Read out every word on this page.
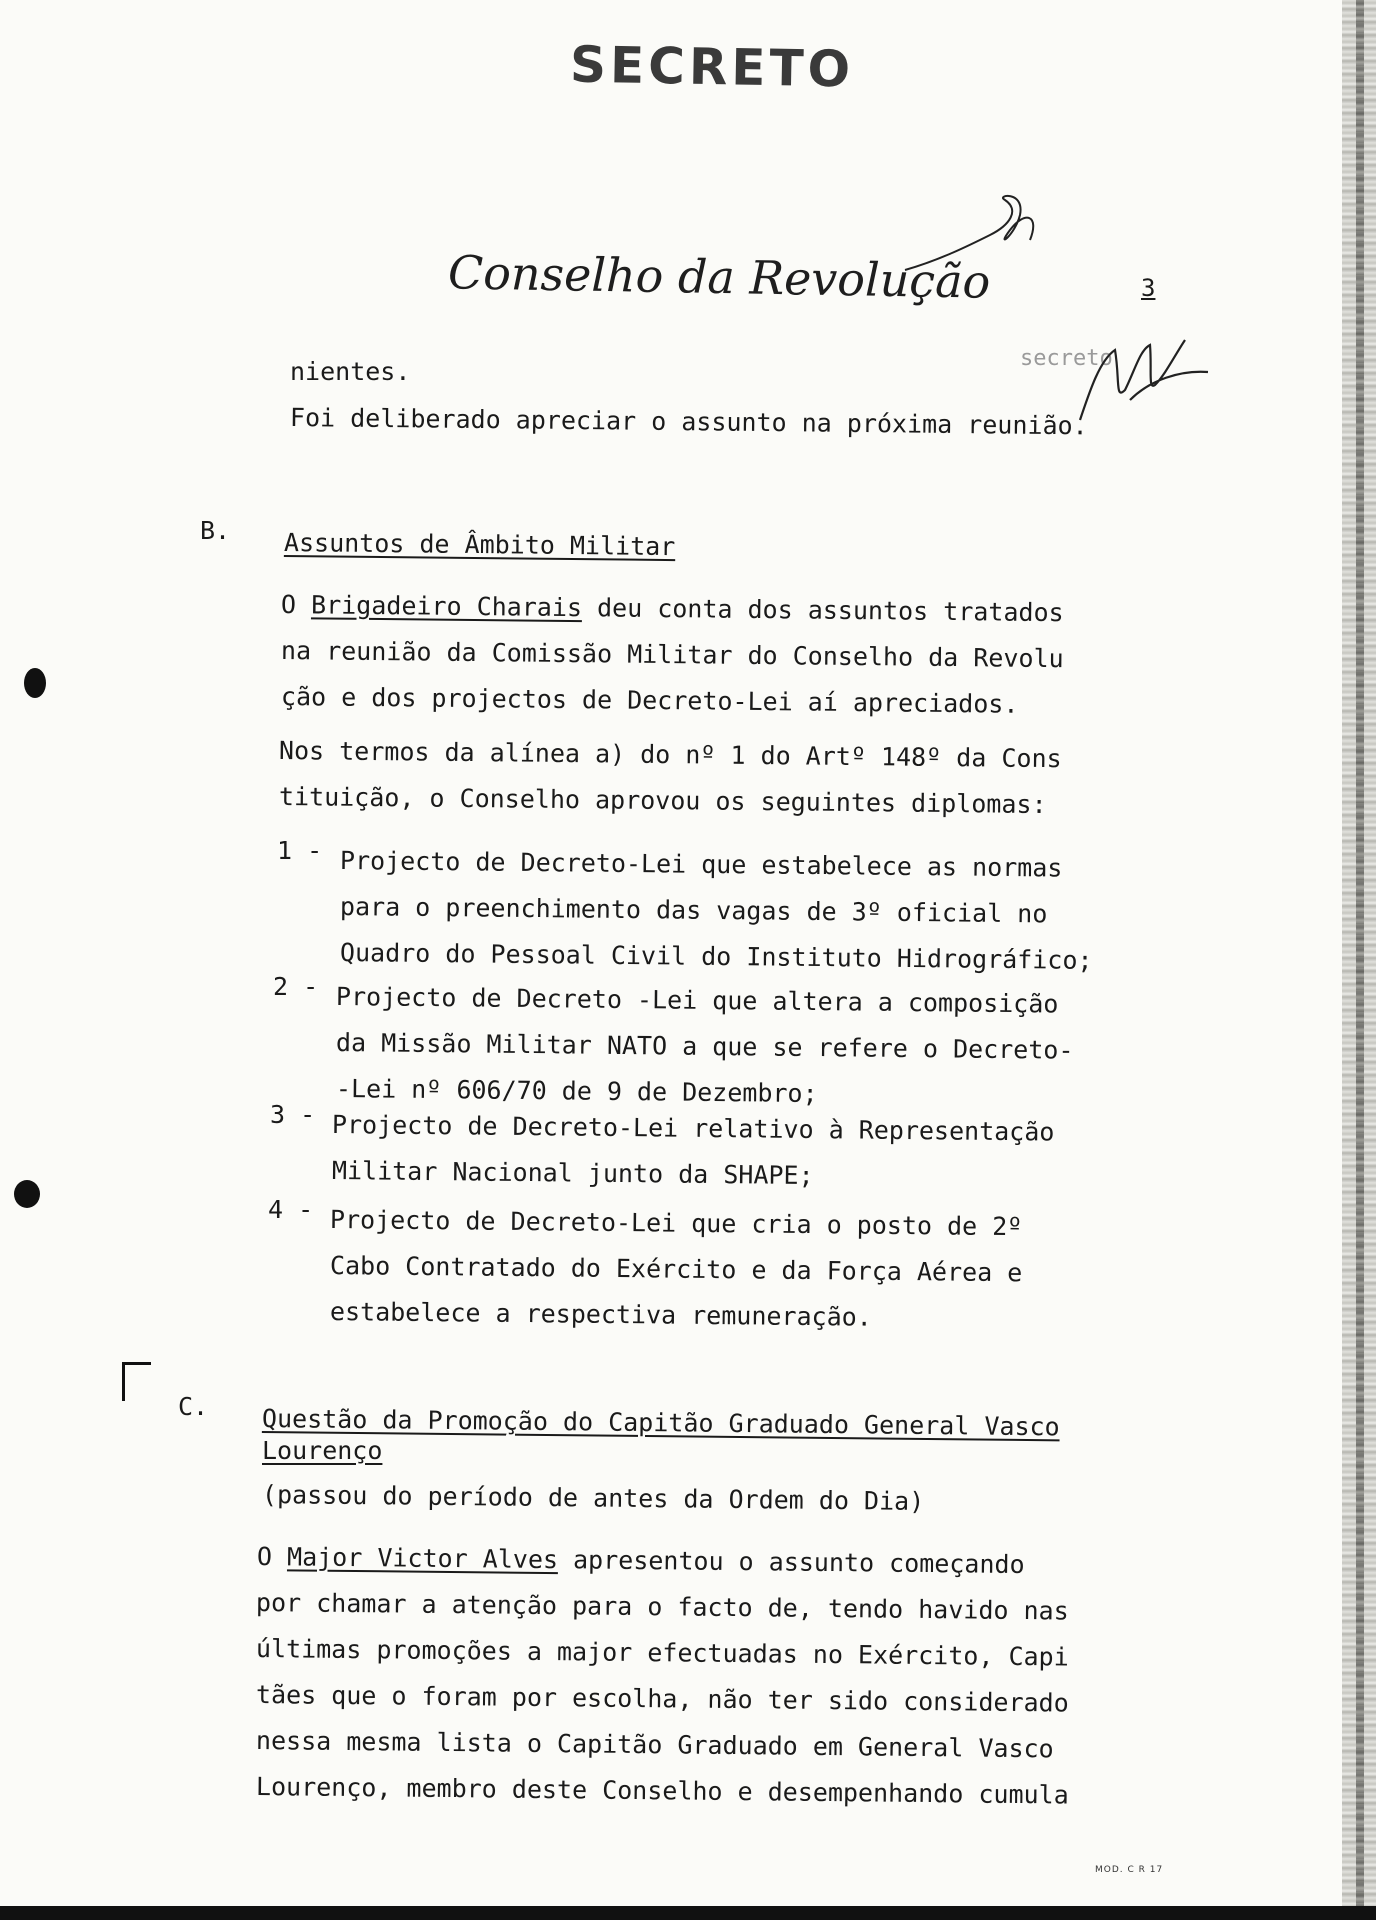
SECRETO
Conselho da Revolução	3
secreto
nientes.
Foi deliberado apreciar o assunto na próxima reunião.
B. Assuntos de Âmbito Militar
O Brigadeiro Charais deu conta dos assuntos tratados
na reunião da Comissão Militar do Conselho da Revolu
ção e dos projectos de Decreto-Lei aí apreciados.
Nos termos da alínea a) do nº 1 do Artº 148º da Cons
tituição, o Conselho aprovou os seguintes diplomas:
1 - Projecto de Decreto-Lei que estabelece as normas
para o preenchimento das vagas de 3º oficial no
Quadro do Pessoal Civil do Instituto Hidrográfico;
2 - Projecto de Decreto -Lei que altera a composição
da Missão Militar NATO a que se refere o Decreto-
-Lei nº 606/70 de 9 de Dezembro;
3 - Projecto de Decreto-Lei relativo à Representação
Militar Nacional junto da SHAPE;
4 - Projecto de Decreto-Lei que cria o posto de 2º
Cabo Contratado do Exército e da Força Aérea e
estabelece a respectiva remuneração.
C. Questão da Promoção do Capitão Graduado General Vasco
Lourenço
(passou do período de antes da Ordem do Dia)
O Major Victor Alves apresentou o assunto começando
por chamar a atenção para o facto de, tendo havido nas
últimas promoções a major efectuadas no Exército, Capi
tães que o foram por escolha, não ter sido considerado
nessa mesma lista o Capitão Graduado em General Vasco
Lourenço, membro deste Conselho e desempenhando cumula
MOD. C R 17
